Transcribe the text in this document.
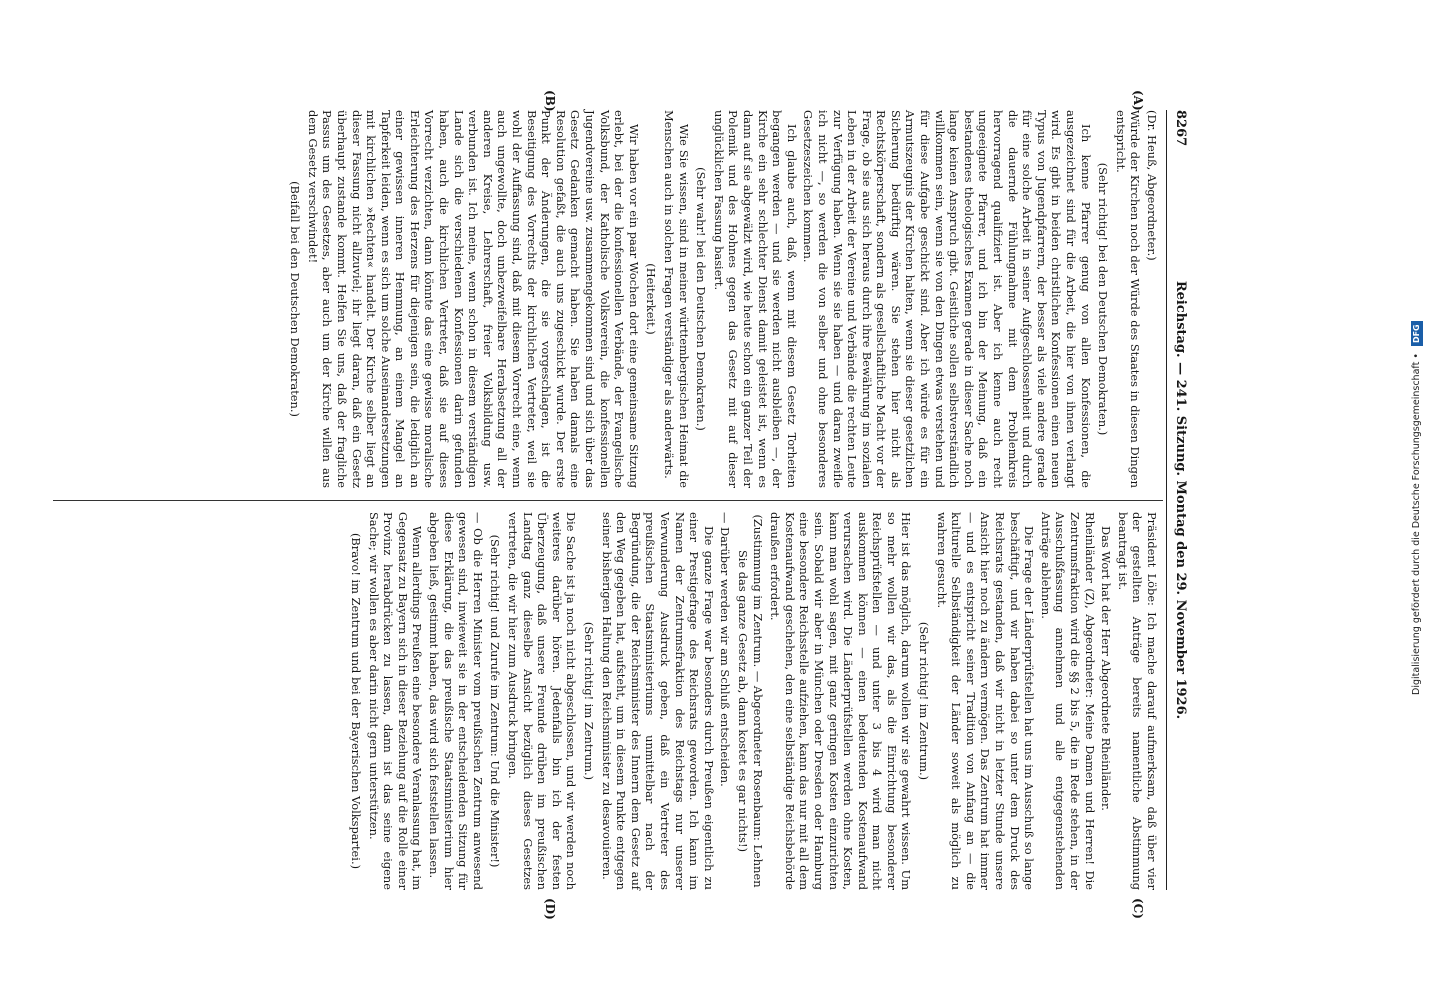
8267
Reichstag. — 241. Sitzung. Montag den 29. November 1926.
(A)
(B)
(C)
(D)

(Dr. Heuß, Abgeordneter.)

Würde der Kirchen noch der Würde des Staates in diesen Dingen entspricht.

(Sehr richtig! bei den Deutschen Demokraten.)

Ich kenne Pfarrer genug von allen Konfessionen, die ausgezeichnet sind für die Arbeit, die hier von ihnen verlangt wird. Es gibt in beiden christlichen Konfessionen einen neuen Typus von Jugendpfarrern, der besser als viele andere gerade für eine solche Arbeit in seiner Aufgeschlossenheit und durch die dauernde Fühlungnahme mit dem Problemkreis hervorragend qualifiziert ist. Aber ich kenne auch recht ungeeignete Pfarrer, und ich bin der Meinung, daß ein bestandenes theologisches Examen gerade in dieser Sache noch lange keinen Anspruch gibt. Geistliche sollen selbstverständlich willkommen sein, wenn sie von den Dingen etwas verstehen und für diese Aufgabe geschickt sind. Aber ich würde es für ein Armutszeugnis der Kirchen halten, wenn sie dieser gesetzlichen Sicherung bedürftig wären. Sie stehen hier nicht als Rechtskörperschaft, sondern als gesellschaftliche Macht vor der Frage, ob sie aus sich heraus durch ihre Bewährung im sozialen Leben in der Arbeit der Vereine und Verbände die rechten Leute zur Verfügung haben. Wenn sie sie haben — und daran zweifle ich nicht —, so werden die von selber und ohne besonderes Gesetzeszeichen kommen.

Ich glaube auch, daß, wenn mit diesem Gesetz Torheiten begangen werden — und sie werden nicht ausbleiben —, der Kirche ein sehr schlechter Dienst damit geleistet ist, wenn es dann auf sie abgewälzt wird, wie heute schon ein ganzer Teil der Polemik und des Hohnes gegen das Gesetz mit auf dieser unglücklichen Fassung basiert.

(Sehr wahr! bei den Deutschen Demokraten.)

Wie Sie wissen, sind in meiner württembergischen Heimat die Menschen auch in solchen Fragen verständiger als anderwärts.

(Heiterkeit.)

Wir haben vor ein paar Wochen dort eine gemeinsame Sitzung erlebt, bei der die konfessionellen Verbände, der Evangelische Volksbund, der Katholische Volksverein, die konfessionellen Jugendvereine usw. zusammengekommen sind und sich über das Gesetz Gedanken gemacht haben. Sie haben damals eine Resolution gefaßt, die auch uns zugeschickt wurde. Der erste Punkt der Änderungen, die sie vorgeschlagen, ist die Beseitigung des Vorrechts der kirchlichen Vertreter, weil sie wohl der Auffassung sind, daß mit diesem Vorrecht eine, wenn auch ungewollte, doch unbezweifelbare Herabsetzung all der anderen Kreise, Lehrerschaft, freier Volksbildung usw. verbunden ist. Ich meine, wenn schon in diesem verständigen Lande sich die verschiedenen Konfessionen darin gefunden haben, auch die kirchlichen Vertreter, daß sie auf dieses Vorrecht verzichten, dann könnte das eine gewisse moralische Erleichterung des Herzens für diejenigen sein, die lediglich an einer gewissen inneren Hemmung, an einem Mangel an Tapferkeit leiden, wenn es sich um solche Auseinandersetzungen mit kirchlichen »Rechten« handelt. Der Kirche selber liegt an dieser Fassung nicht allzuviel; ihr liegt daran, daß ein Gesetz überhaupt zustande kommt. Helfen Sie uns, daß der fragliche Passus um des Gesetzes, aber auch um der Kirche willen aus dem Gesetz verschwindet!

(Beifall bei den Deutschen Demokraten.)

Präsident Löbe: Ich mache darauf aufmerksam, daß über vier der gestellten Anträge bereits namentliche Abstimmung beantragt ist.

Das Wort hat der Herr Abgeordnete Rheinländer.

Rheinländer (Z), Abgeordneter: Meine Damen und Herren! Die Zentrumsfraktion wird die §§ 2 bis 5, die in Rede stehen, in der Ausschußfassung annehmen und alle entgegenstehenden Anträge ablehnen.

Die Frage der Länderprüfstellen hat uns im Ausschuß so lange beschäftigt, und wir haben dabei so unter dem Druck des Reichsrats gestanden, daß wir nicht in letzter Stunde unsere Ansicht hier noch zu ändern vermögen. Das Zentrum hat immer — und es entspricht seiner Tradition von Anfang an — die kulturelle Selbständigkeit der Länder soweit als möglich zu wahren gesucht.

(Sehr richtig! im Zentrum.)

Hier ist das möglich, darum wollen wir sie gewahrt wissen. Um so mehr wollen wir das, als die Einrichtung besonderer Reichsprüfstellen — und unter 3 bis 4 wird man nicht auskommen können — einen bedeutenden Kostenaufwand verursachen wird. Die Länderprüfstellen werden ohne Kosten, kann man wohl sagen, mit ganz geringen Kosten einzurichten sein. Sobald wir aber in München oder Dresden oder Hamburg eine besondere Reichsstelle aufziehen, kann das nur mit all dem Kostenaufwand geschehen, den eine selbständige Reichsbehörde draußen erfordert.

(Zustimmung im Zentrum. — Abgeordneter Rosenbaum: Lehnen Sie das ganze Gesetz ab, dann kostet es gar nichts!)

— Darüber werden wir am Schluß entscheiden.

Die ganze Frage war besonders durch Preußen eigentlich zu einer Prestigefrage des Reichsrats geworden. Ich kann im Namen der Zentrumsfraktion des Reichstags nur unserer Verwunderung Ausdruck geben, daß ein Vertreter des preußischen Staatsministeriums unmittelbar nach der Begründung, die der Reichsminister des Innern dem Gesetz auf den Weg gegeben hat, aufsteht, um in diesem Punkte entgegen seiner bisherigen Haltung den Reichsminister zu desavouieren.

(Sehr richtig! im Zentrum.)

Die Sache ist ja noch nicht abgeschlossen, und wir werden noch weiteres darüber hören. Jedenfalls bin ich der festen Überzeugung, daß unsere Freunde drüben im preußischen Landtag ganz dieselbe Ansicht bezüglich dieses Gesetzes vertreten, die wir hier zum Ausdruck bringen.

(Sehr richtig! und Zurufe im Zentrum: Und die Minister!)

— Ob die Herren Minister vom preußischen Zentrum anwesend gewesen sind, inwieweit sie in der entscheidenden Sitzung für diese Erklärung, die das preußische Staatsministerium hier abgeben ließ, gestimmt haben, das wird sich feststellen lassen.

Wenn allerdings Preußen eine besondere Veranlassung hat, im Gegensatz zu Bayern sich in dieser Beziehung auf die Rolle einer Provinz herabdrücken zu lassen, dann ist das seine eigene Sache; wir wollen es aber darin nicht gern unterstützen.

(Bravo! im Zentrum und bei der Bayerischen Volkspartei.)

Digitalisierung gefördert durch die Deutsche Forschungsgemeinschaft • DFG
